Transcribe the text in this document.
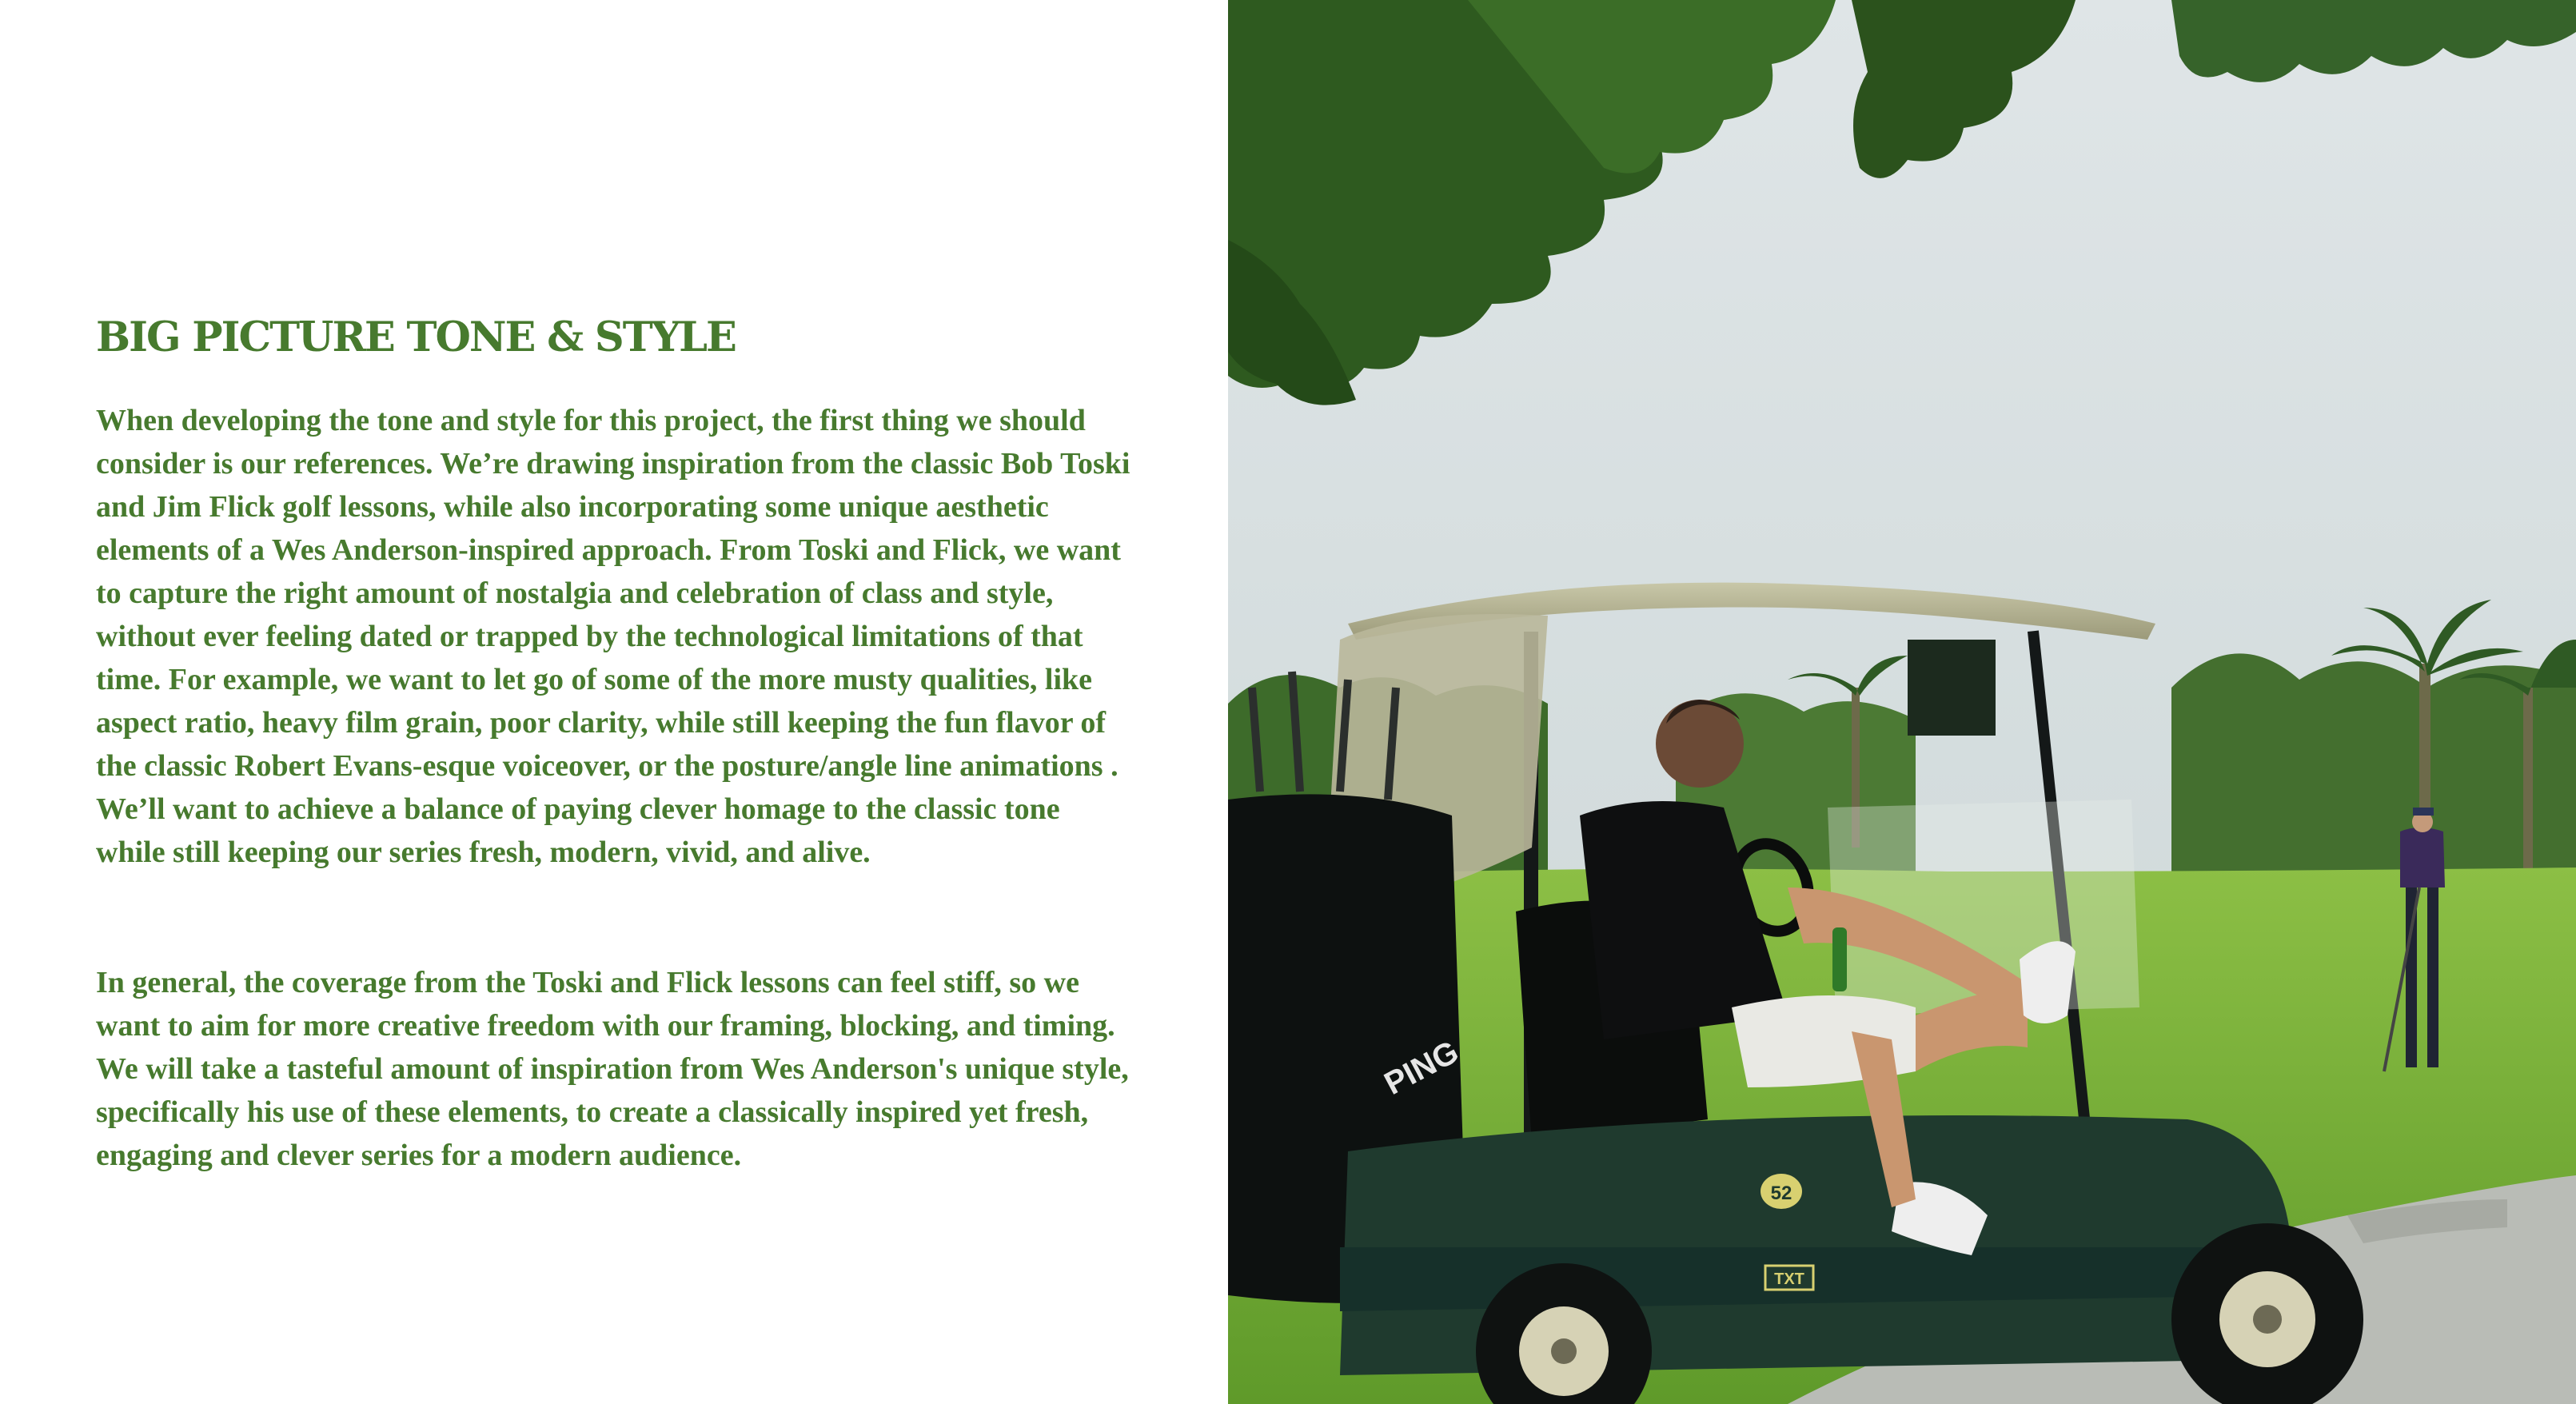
BIG PICTURE TONE & STYLE

When developing the tone and style for this project, the first thing we should consider is our references. We’re drawing inspiration from the classic Bob Toski and Jim Flick golf lessons, while also incorporating some unique aesthetic elements of a Wes Anderson-inspired approach. From Toski and Flick, we want to capture the right amount of nostalgia and celebration of class and style, without ever feeling dated or trapped by the technological limitations of that time. For example, we want to let go of some of the more musty qualities, like aspect ratio, heavy film grain, poor clarity, while still keeping the fun flavor of the classic Robert Evans-esque voiceover, or the posture/angle line animations . We’ll want to achieve a balance of paying clever homage to the classic tone while still keeping our series fresh, modern, vivid, and alive.

In general, the coverage from the Toski and Flick lessons can feel stiff, so we want to aim for more creative freedom with our framing, blocking, and timing. We will take a tasteful amount of inspiration from Wes Anderson's unique style, specifically his use of these elements, to create a classically inspired yet fresh, engaging and clever series for a modern audience.

PING
52
TXT
